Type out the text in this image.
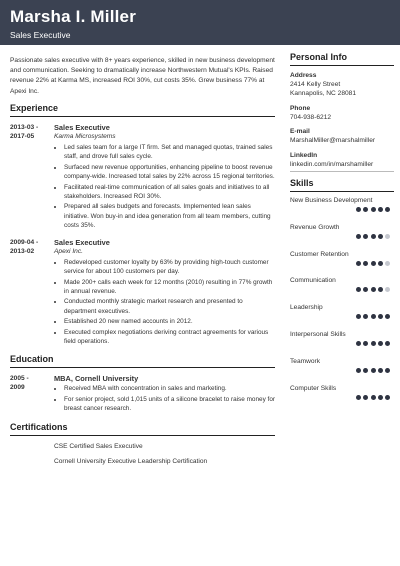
Marsha I. Miller
Sales Executive

Passionate sales executive with 8+ years experience, skilled in new business development and communication. Seeking to dramatically increase Northwestern Mutual's KPIs. Raised revenue 22% at Karma MS, increased ROI 30%, cut costs 35%. Grew business 77% at Apexi Inc.

Experience
2013-03 -
2017-05
Sales Executive
Karma Microsystems
• Led sales team for a large IT firm. Set and managed quotas, trained sales staff, and drove full sales cycle.
• Surfaced new revenue opportunities, enhancing pipeline to boost revenue company-wide. Increased total sales by 22% across 15 regional territories.
• Facilitated real-time communication of all sales goals and initiatives to all stakeholders. Increased ROI 30%.
• Prepared all sales budgets and forecasts. Implemented lean sales initiative. Won buy-in and idea generation from all team members, cutting costs 35%.
2009-04 -
2013-02
Sales Executive
Apexi Inc.
• Redeveloped customer loyalty by 63% by providing high-touch customer service for about 100 customers per day.
• Made 200+ calls each week for 12 months (2010) resulting in 77% growth in annual revenue.
• Conducted monthly strategic market research and presented to department executives.
• Established 20 new named accounts in 2012.
• Executed complex negotiations deriving contract agreements for various field operations.
Education
2005 -
2009
MBA, Cornell University
• Received MBA with concentration in sales and marketing.
• For senior project, sold 1,015 units of a silicone bracelet to raise money for breast cancer research.
Certifications
CSE Certified Sales Executive
Cornell University Executive Leadership Certification
Personal Info
Address
2414 Kelly Street
Kannapolis, NC 28081
Phone
704-938-6212
E-mail
MarshalMiller@marshalmiller
LinkedIn
linkedin.com/in/marshamiller
Skills
New Business Development
Revenue Growth
Customer Retention
Communication
Leadership
Interpersonal Skills
Teamwork
Computer Skills
